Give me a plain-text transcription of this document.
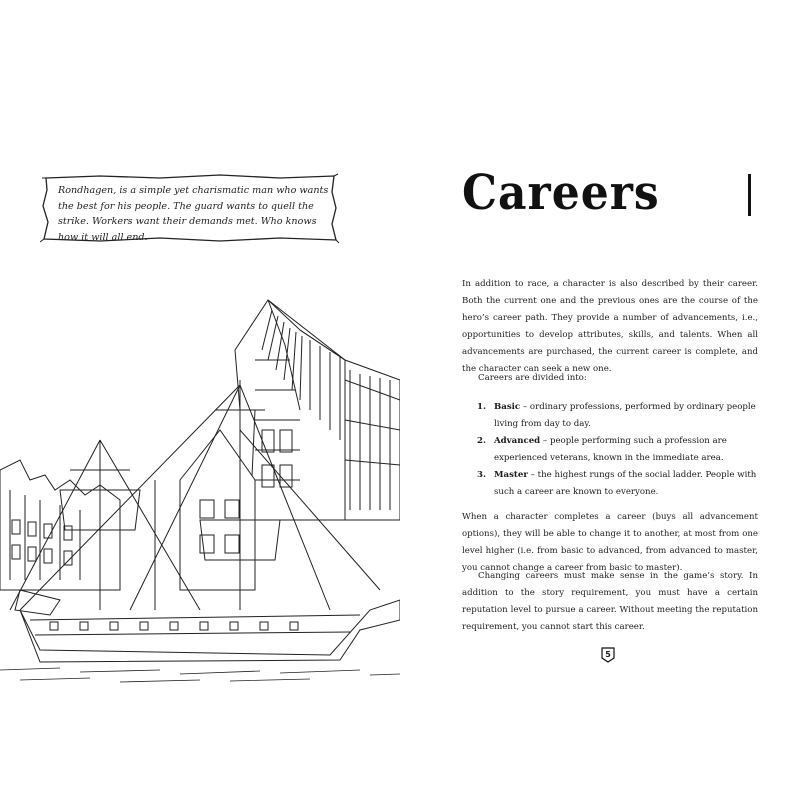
Rondhagen, is a simple yet charismatic man who wants the best for his people. The guard wants to quell the strike. Workers want their demands met. Who knows how it will all end.
Careers

In addition to race, a character is also described by their career. Both the current one and the previous ones are the course of the hero’s career path. They provide a number of advancements, i.e., opportunities to develop attributes, skills, and talents. When all advancements are purchased, the current career is complete, and the character can seek a new one.

Careers are divided into:

1. Basic – ordinary professions, performed by ordinary people living from day to day.
2. Advanced – people performing such a profession are experienced veterans, known in the immediate area.
3. Master – the highest rungs of the social ladder. People with such a career are known to everyone.

When a character completes a career (buys all advancement options), they will be able to change it to another, at most from one level higher (i.e. from basic to advanced, from advanced to master, you cannot change a career from basic to master).

Changing careers must make sense in the game’s story. In addition to the story requirement, you must have a certain reputation level to pursue a career. Without meeting the reputation requirement, you cannot start this career.

5
